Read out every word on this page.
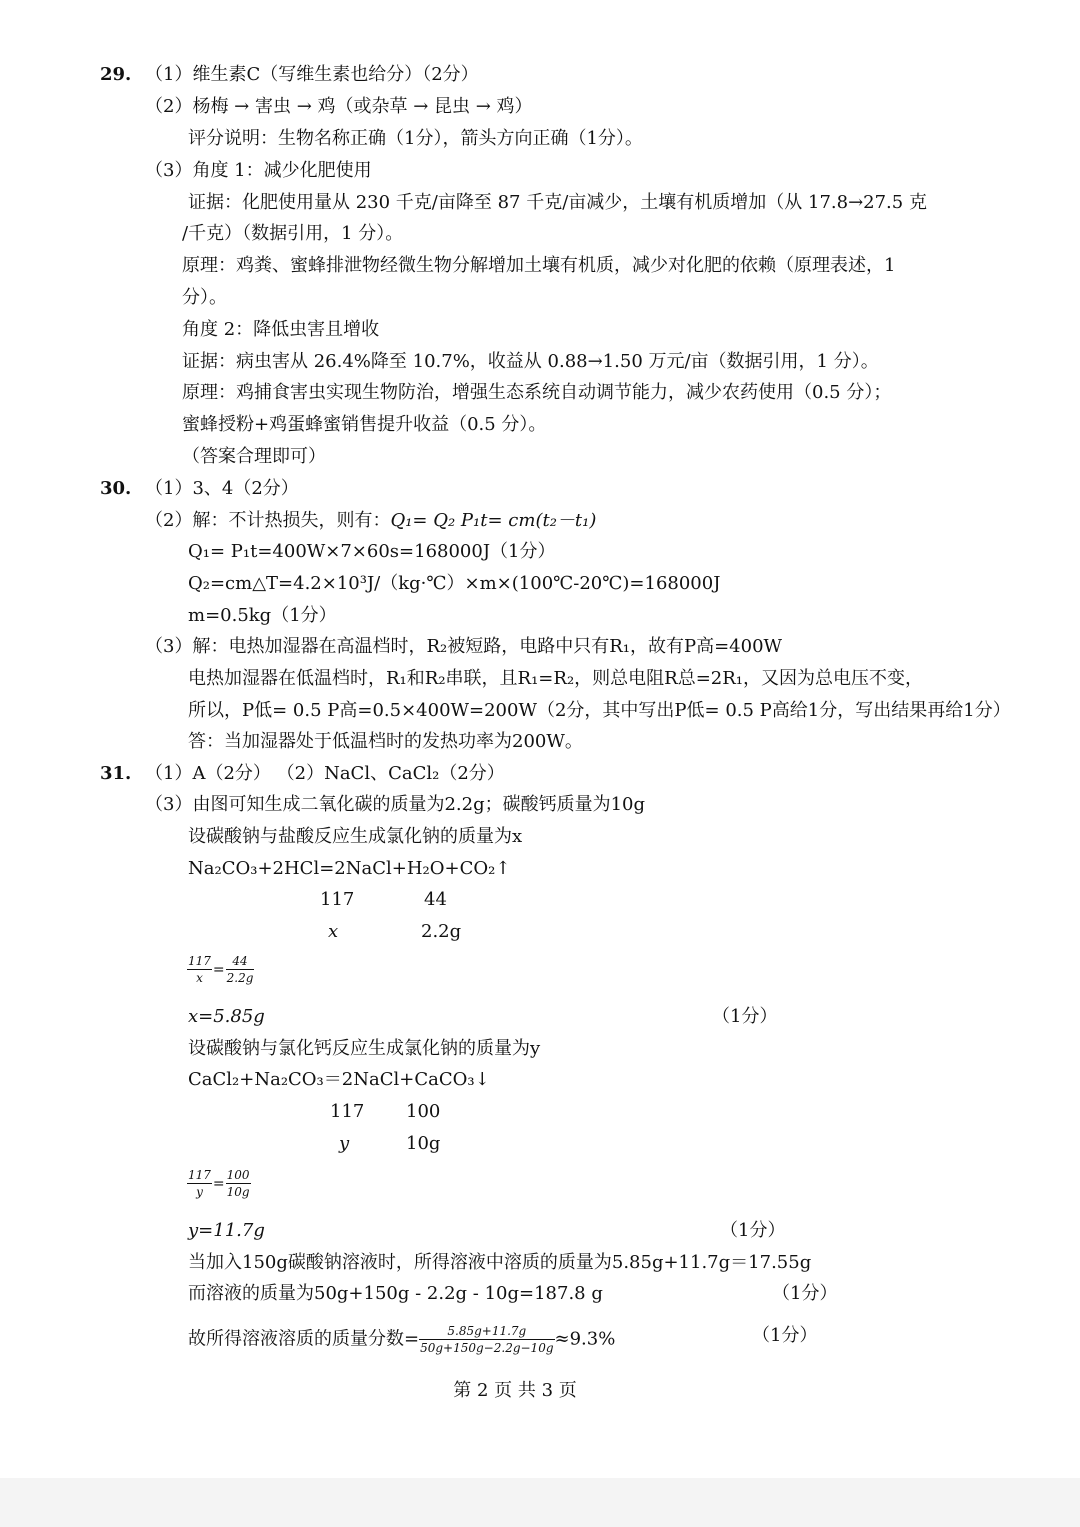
29. （1）维生素C（写维生素也给分）（2分）
（2）杨梅 → 害虫 → 鸡（或杂草 → 昆虫 → 鸡）
评分说明：生物名称正确（1分），箭头方向正确（1分）。
（3）角度 1：减少化肥使用
证据：化肥使用量从 230 千克/亩降至 87 千克/亩减少，土壤有机质增加（从 17.8→27.5 克
/千克）（数据引用，1 分）。
原理：鸡粪、蜜蜂排泄物经微生物分解增加土壤有机质，减少对化肥的依赖（原理表述，1
分）。
角度 2：降低虫害且增收
证据：病虫害从 26.4%降至 10.7%，收益从 0.88→1.50 万元/亩（数据引用，1 分）。
原理：鸡捕食害虫实现生物防治，增强生态系统自动调节能力，减少农药使用（0.5 分）；
蜜蜂授粉+鸡蛋蜂蜜销售提升收益（0.5 分）。
（答案合理即可）
30. （1）3、4（2分）
（2）解：不计热损失，则有：Q₁= Q₂ P₁t= cm(t₂－t₁)
Q₁= P₁t=400W×7×60s=168000J（1分）
Q₂=cm△T=4.2×10³J/（kg·℃）×m×(100℃-20℃)=168000J
m=0.5kg（1分）
（3）解：电热加湿器在高温档时，R₂被短路，电路中只有R₁，故有P高=400W
电热加湿器在低温档时，R₁和R₂串联，且R₁=R₂，则总电阻R总=2R₁，又因为总电压不变，
所以，P低= 0.5 P高=0.5×400W=200W（2分，其中写出P低= 0.5 P高给1分，写出结果再给1分）
答：当加湿器处于低温档时的发热功率为200W。
31. （1）A（2分） （2）NaCl、CaCl₂（2分）
（3）由图可知生成二氧化碳的质量为2.2g；碳酸钙质量为10g
设碳酸钠与盐酸反应生成氯化钠的质量为x
Na₂CO₃+2HCl=2NaCl+H₂O+CO₂↑
117	44
x	2.2g
$\frac{117}{x} = \frac{44}{2.2g}$
x=5.85g	（1分）
设碳酸钠与氯化钙反应生成氯化钠的质量为y
CaCl₂+Na₂CO₃＝2NaCl+CaCO₃↓
117 100
y	10g
$\frac{117}{y} = \frac{100}{10g}$
y=11.7g	（1分）
当加入150g碳酸钠溶液时，所得溶液中溶质的质量为5.85g+11.7g＝17.55g
而溶液的质量为50g+150g - 2.2g - 10g=187.8 g	（1分）
故所得溶液溶质的质量分数= $\frac{5.85g+11.7g}{50g+150g-2.2g-10g} \approx 9.3\%$	（1分）
第 2 页 共 3 页
